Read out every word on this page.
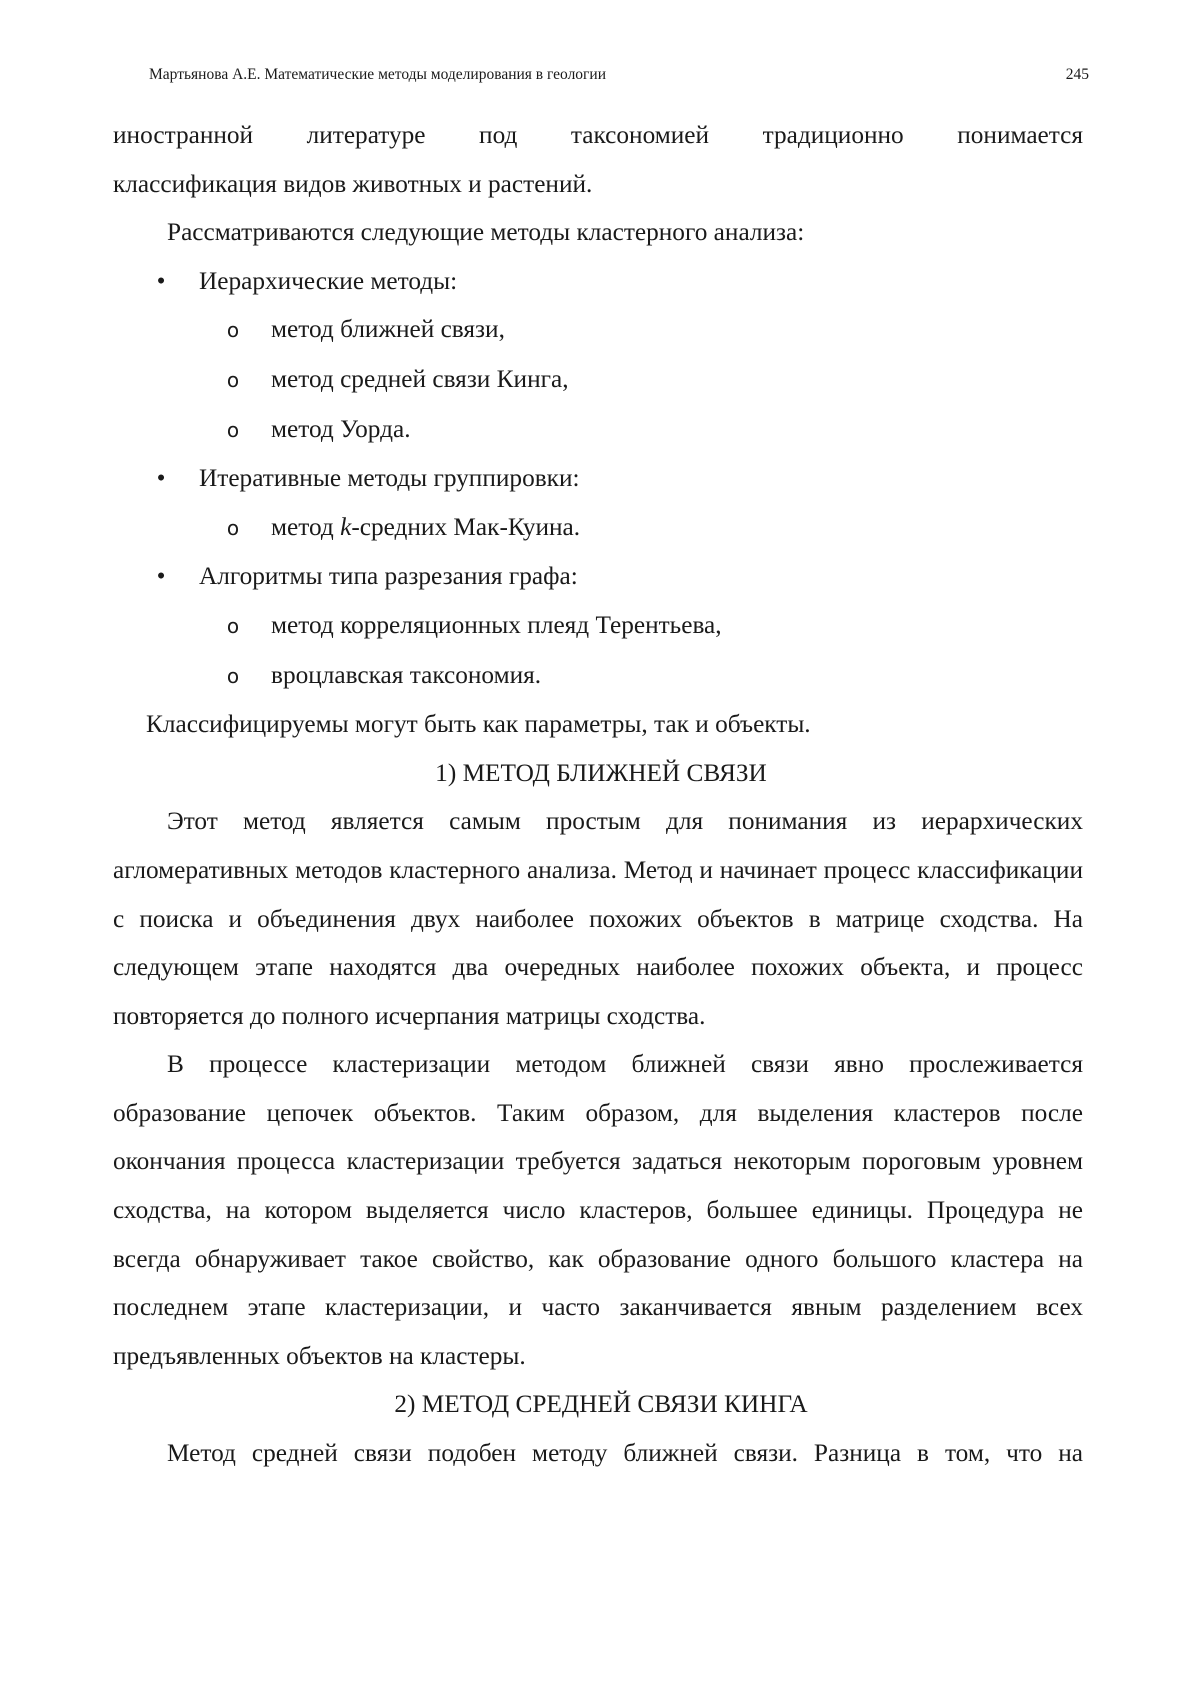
Мартьянова А.Е. Математические методы моделирования в геологии	245

иностранной литературе под таксономией традиционно понимается

классификация видов животных и растений.

Рассматриваются следующие методы кластерного анализа:

• Иерархические методы:
o метод ближней связи,
o метод средней связи Кинга,
o метод Уорда.
• Итеративные методы группировки:
o метод k-средних Мак-Куина.
• Алгоритмы типа разрезания графа:
o метод корреляционных плеяд Терентьева,
o вроцлавская таксономия.

Классифицируемы могут быть как параметры, так и объекты.

1) МЕТОД БЛИЖНЕЙ СВЯЗИ

Этот метод является самым простым для понимания из иерархических агломеративных методов кластерного анализа. Метод и начинает процесс классификации с поиска и объединения двух наиболее похожих объектов в матрице сходства. На следующем этапе находятся два очередных наиболее похожих объекта, и процесс повторяется до полного исчерпания матрицы сходства.

В процессе кластеризации методом ближней связи явно прослеживается образование цепочек объектов. Таким образом, для выделения кластеров после окончания процесса кластеризации требуется задаться некоторым пороговым уровнем сходства, на котором выделяется число кластеров, большее единицы. Процедура не всегда обнаруживает такое свойство, как образование одного большого кластера на последнем этапе кластеризации, и часто заканчивается явным разделением всех предъявленных объектов на кластеры.

2) МЕТОД СРЕДНЕЙ СВЯЗИ КИНГА

Метод средней связи подобен методу ближней связи. Разница в том, что на
